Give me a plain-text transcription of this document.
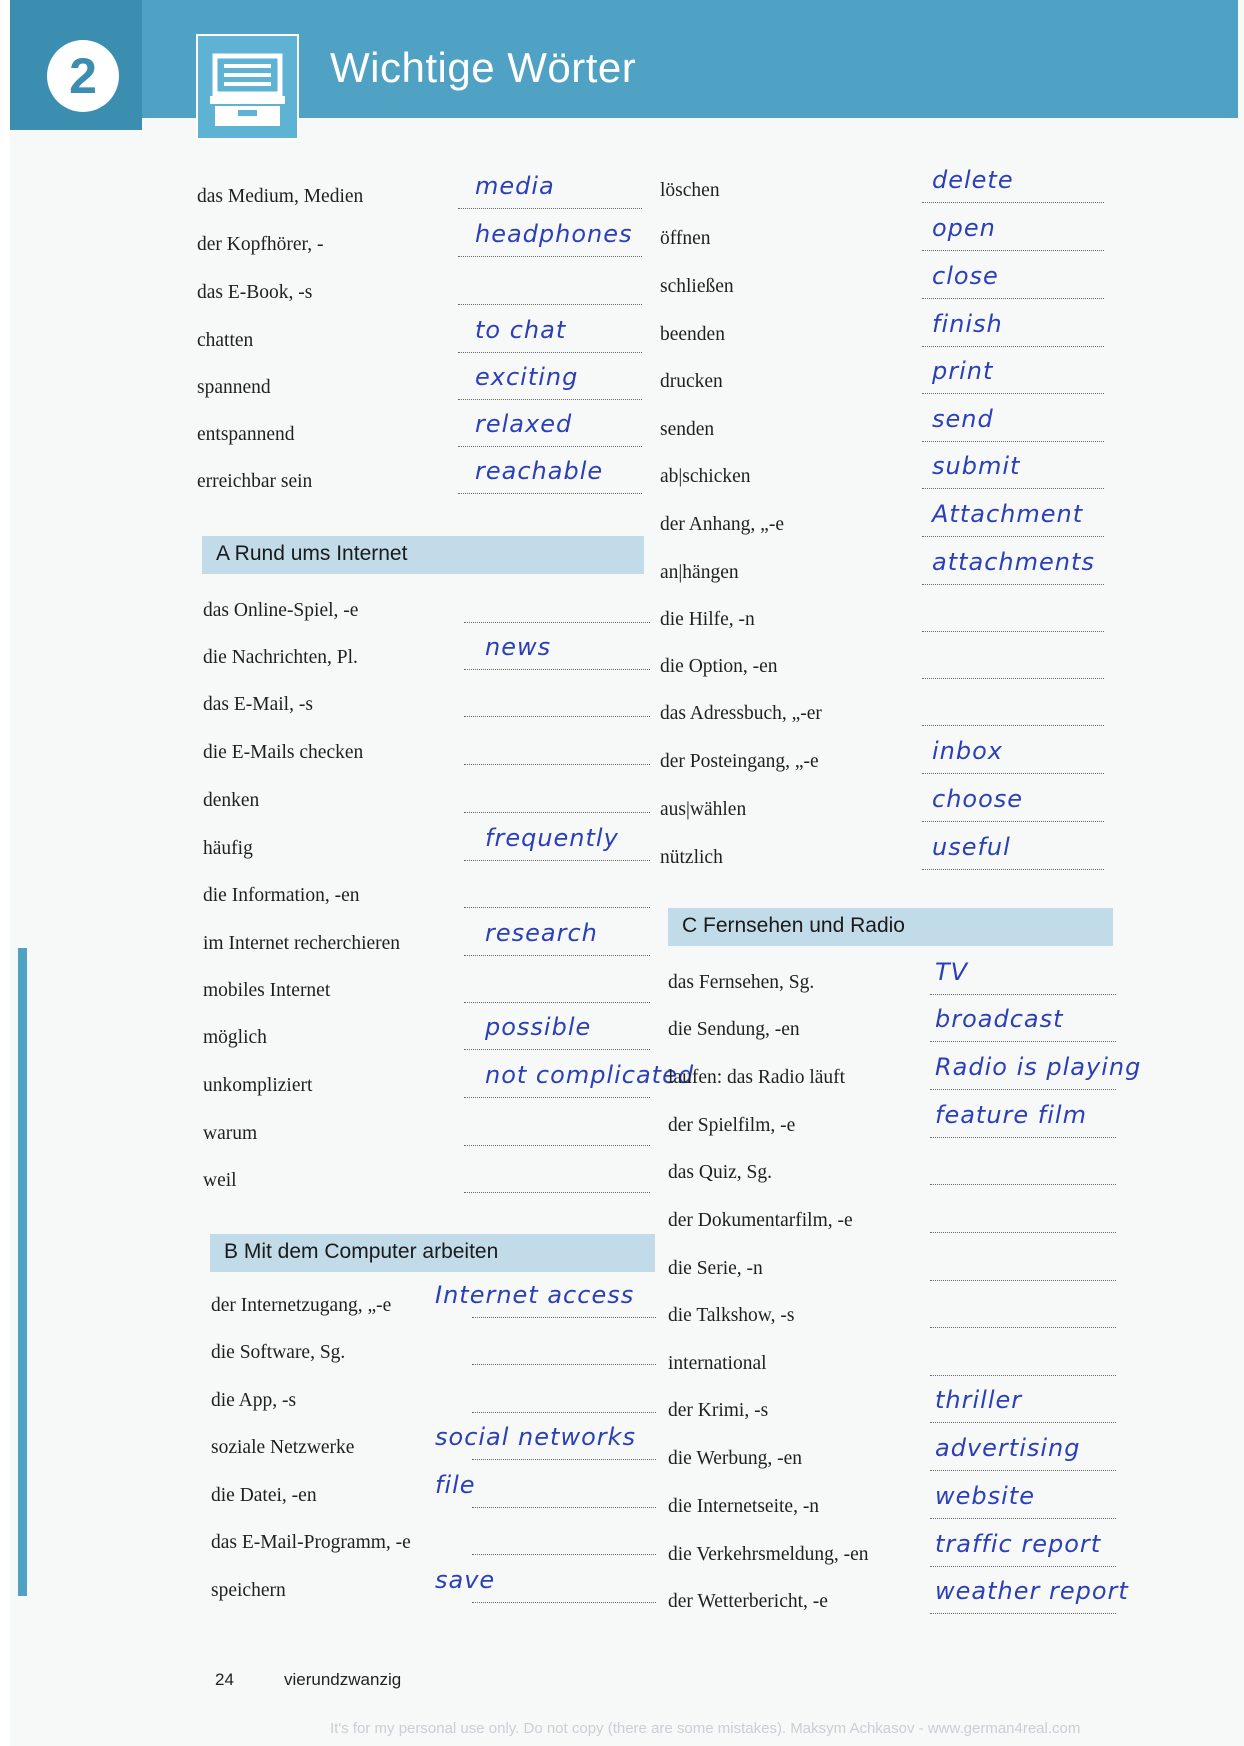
2	Wichtige Wörter
das Medium, Medien	media
der Kopfhörer, -	headphones
das E-Book, -s
chatten	to chat
spannend	exciting
entspannend	relaxed
erreichbar sein	reachable
A Rund ums Internet
das Online-Spiel, -e
die Nachrichten, Pl.	news
das E-Mail, -s
die E-Mails checken
denken
häufig	frequently
die Information, -en
im Internet recherchieren	research
mobiles Internet
möglich	possible
unkompliziert	not complicated
warum
weil
B Mit dem Computer arbeiten
der Internetzugang, „-e Internet access
die Software, Sg.
die App, -s
soziale Netzwerke	social networks
die Datei, -en	file
das E-Mail-Programm, -e
speichern	save
löschen	delete
öffnen	open
schließen	close
beenden	finish
drucken	print
senden	send
ab|schicken	submit
der Anhang, „-e	Attachment
an|hängen	attachments
die Hilfe, -n
die Option, -en
das Adressbuch, „-er
der Posteingang, „-e	inbox
aus|wählen	choose
nützlich	useful
C Fernsehen und Radio
das Fernsehen, Sg.	TV
die Sendung, -en	broadcast
laufen: das Radio läuft	Radio is playing
der Spielfilm, -e	feature film
das Quiz, Sg.
der Dokumentarfilm, -e
die Serie, -n
die Talkshow, -s
international
der Krimi, -s	thriller
die Werbung, -en	advertising
die Internetseite, -n	website
die Verkehrsmeldung, -en	traffic report
der Wetterbericht, -e	weather report
24	vierundzwanzig
It's for my personal use only. Do not copy (there are some mistakes). Maksym Achkasov - www.german4real.com
